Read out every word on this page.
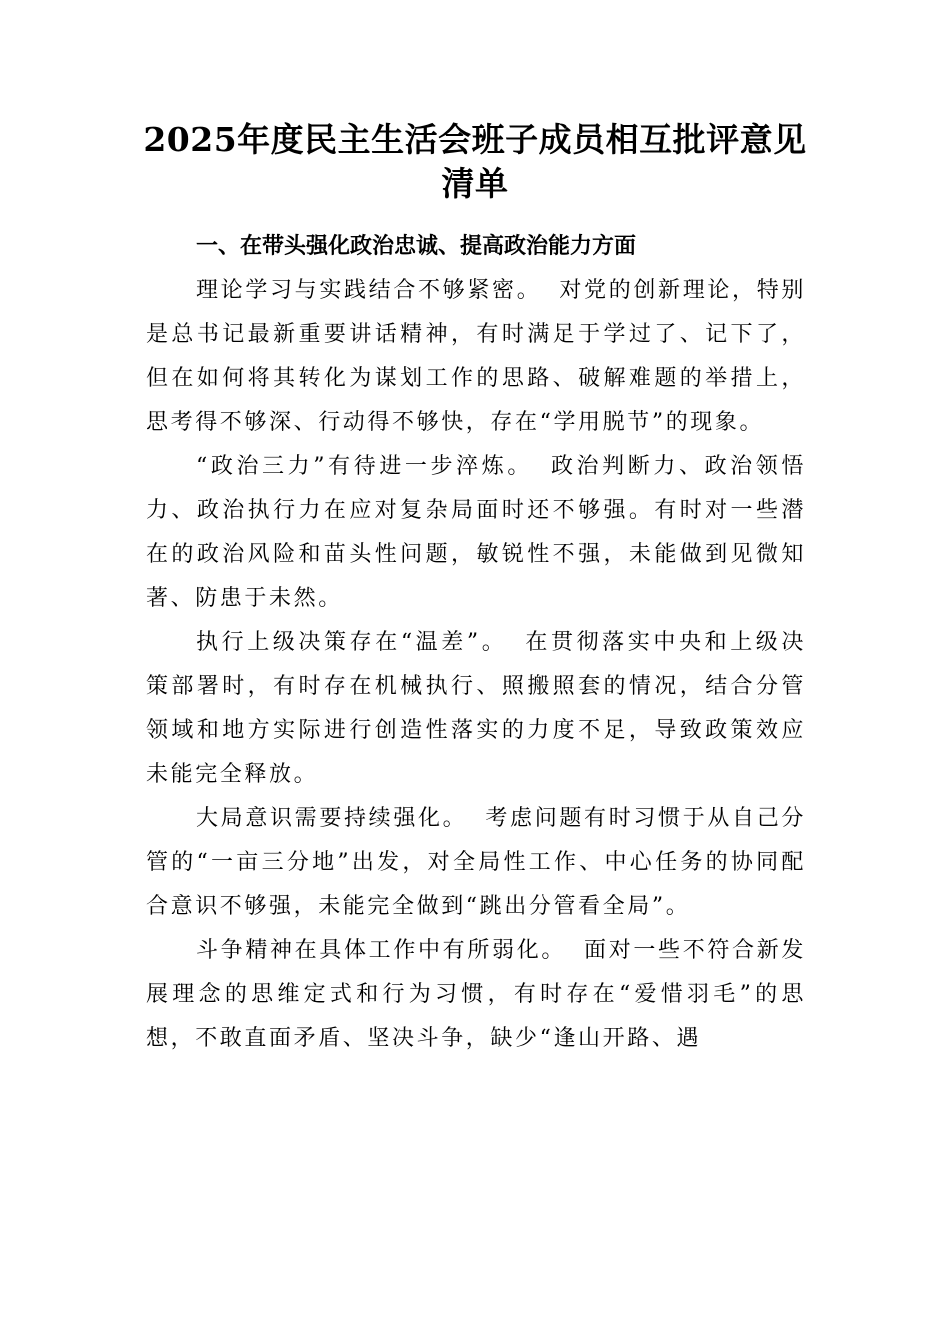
2025年度民主生活会班子成员相互批评意见清单
一、在带头强化政治忠诚、提高政治能力方面

理论学习与实践结合不够紧密。 对党的创新理论，特别是总书记最新重要讲话精神，有时满足于学过了、记下了，但在如何将其转化为谋划工作的思路、破解难题的举措上，思考得不够深、行动得不够快，存在“学用脱节”的现象。

“政治三力”有待进一步淬炼。 政治判断力、政治领悟力、政治执行力在应对复杂局面时还不够强。有时对一些潜在的政治风险和苗头性问题，敏锐性不强，未能做到见微知著、防患于未然。

执行上级决策存在“温差”。 在贯彻落实中央和上级决策部署时，有时存在机械执行、照搬照套的情况，结合分管领域和地方实际进行创造性落实的力度不足，导致政策效应未能完全释放。

大局意识需要持续强化。 考虑问题有时习惯于从自己分管的“一亩三分地”出发，对全局性工作、中心任务的协同配合意识不够强，未能完全做到“跳出分管看全局”。

斗争精神在具体工作中有所弱化。 面对一些不符合新发展理念的思维定式和行为习惯，有时存在“爱惜羽毛”的思想，不敢直面矛盾、坚决斗争，缺少“逢山开路、遇
